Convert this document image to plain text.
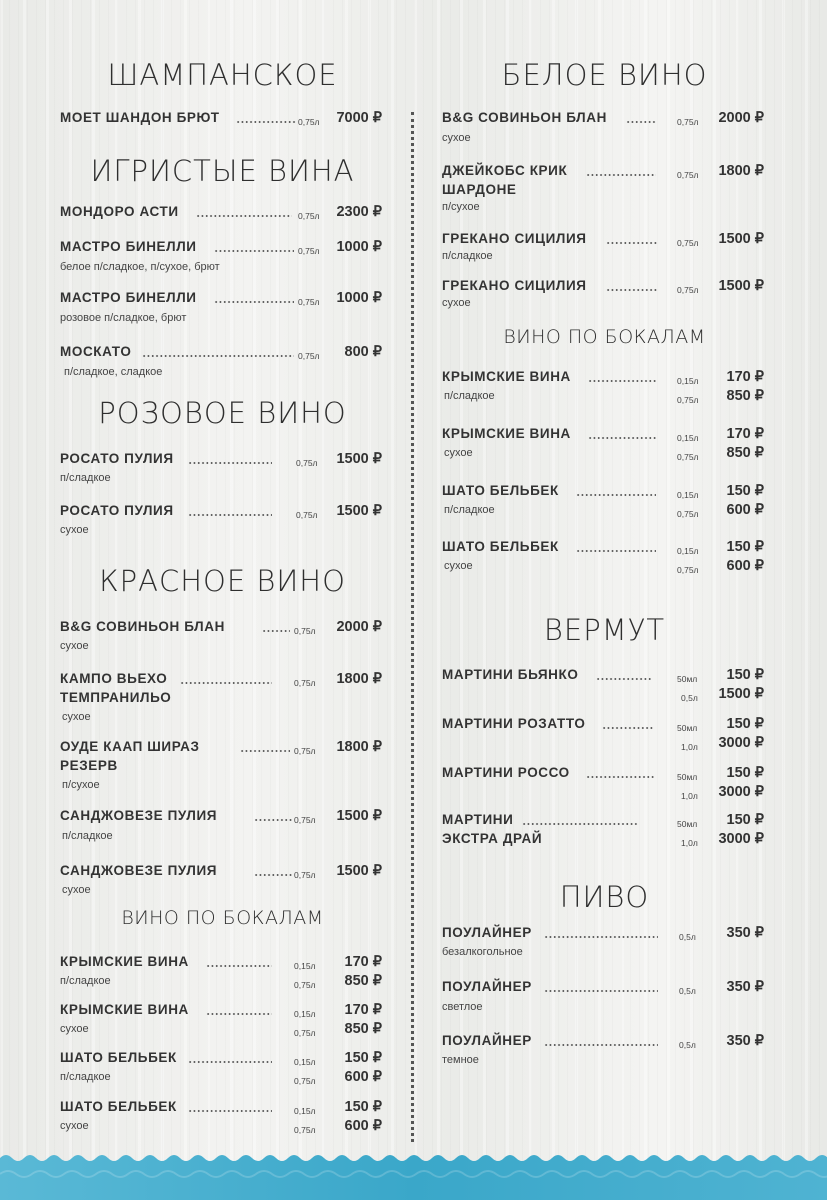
ШАМПАНСКОЕ
МОЕТ ШАНДОН БРЮТ	0,75л 7000 ₽
ИГРИСТЫЕ ВИНА
МОНДОРО АСТИ	0,75л 2300 ₽
МАСТРО БИНЕЛЛИ	0,75л 1000 ₽
белое п/сладкое, п/сухое, брют
МАСТРО БИНЕЛЛИ	0,75л 1000 ₽
розовое п/сладкое, брют
МОСКАТО	0,75л 800 ₽
п/сладкое, сладкое
РОЗОВОЕ ВИНО
РОСАТО ПУЛИЯ	0,75л 1500 ₽
п/сладкое
РОСАТО ПУЛИЯ	0,75л 1500 ₽
сухое
КРАСНОЕ ВИНО
B&G СОВИНЬОН БЛАН	0,75л 2000 ₽
сухое
КАМПО ВЬЕХО
ТЕМПРАНИЛЬО
0,75л 1800 ₽
сухое
ОУДЕ КААП ШИРАЗ
РЕЗЕРВ
0,75л 1800 ₽
п/сухое
САНДЖОВЕЗЕ ПУЛИЯ	0,75л 1500 ₽
п/сладкое
САНДЖОВЕЗЕ ПУЛИЯ	0,75л 1500 ₽
сухое
ВИНО ПО БОКАЛАМ
КРЫМСКИЕ ВИНА	0,15л 170 ₽
п/сладкое	0,75л 850 ₽
КРЫМСКИЕ ВИНА	0,15л 170 ₽
сухое	0,75л 850 ₽
ШАТО БЕЛЬБЕК	0,15л 150 ₽
п/сладкое	0,75л 600 ₽
ШАТО БЕЛЬБЕК	0,15л 150 ₽
сухое	0,75л 600 ₽
БЕЛОЕ ВИНО
B&G СОВИНЬОН БЛАН	0,75л 2000 ₽
сухое
ДЖЕЙКОБС КРИК
ШАРДОНЕ
0,75л 1800 ₽
п/сухое
ГРЕКАНО СИЦИЛИЯ	0,75л 1500 ₽
п/сладкое
ГРЕКАНО СИЦИЛИЯ	0,75л 1500 ₽
сухое
ВИНО ПО БОКАЛАМ
КРЫМСКИЕ ВИНА	0,15л 170 ₽
п/сладкое	0,75л 850 ₽
КРЫМСКИЕ ВИНА	0,15л 170 ₽
сухое	0,75л 850 ₽
ШАТО БЕЛЬБЕК	0,15л 150 ₽
п/сладкое	0,75л 600 ₽
ШАТО БЕЛЬБЕК	0,15л 150 ₽
сухое	0,75л 600 ₽
ВЕРМУТ
МАРТИНИ БЬЯНКО	50мл 150 ₽
0,5л 1500 ₽
МАРТИНИ РОЗАТТО	50мл 150 ₽
1,0л 3000 ₽
МАРТИНИ РОССО	50мл 150 ₽
1,0л 3000 ₽
МАРТИНИ
ЭКСТРА ДРАЙ
50мл 150 ₽
1,0л 3000 ₽
ПИВО
ПОУЛАЙНЕР	0,5л 350 ₽
безалкогольное
ПОУЛАЙНЕР	0,5л 350 ₽
светлое
ПОУЛАЙНЕР	0,5л 350 ₽
темное
